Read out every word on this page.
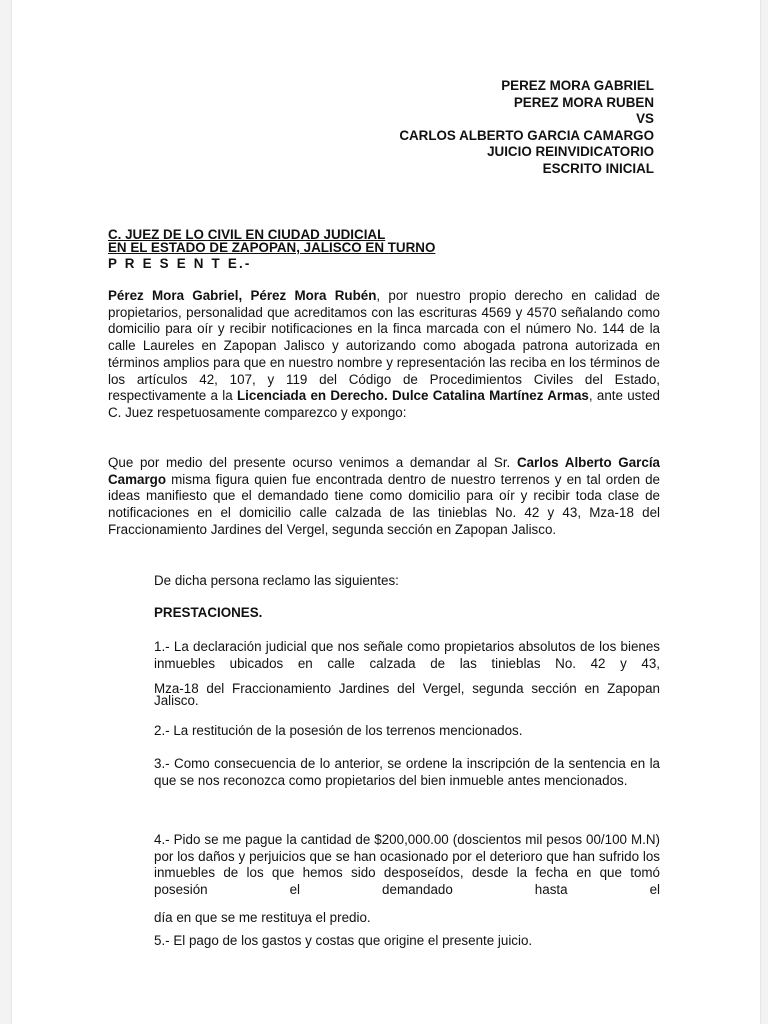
PEREZ MORA GABRIEL
PEREZ MORA RUBEN
VS
CARLOS ALBERTO GARCIA CAMARGO
JUICIO REINVIDICATORIO
ESCRITO INICIAL
C. JUEZ DE LO CIVIL EN CIUDAD JUDICIAL
EN EL ESTADO DE ZAPOPAN, JALISCO EN TURNO
P R E S E N T E.-
Pérez Mora Gabriel, Pérez Mora Rubén, por nuestro propio derecho en calidad de propietarios, personalidad que acreditamos con las escrituras 4569 y 4570 señalando como domicilio para oír y recibir notificaciones en la finca marcada con el número No. 144 de la calle Laureles en Zapopan Jalisco y autorizando como abogada patrona autorizada en términos amplios para que en nuestro nombre y representación las reciba en los términos de los artículos 42, 107, y 119 del Código de Procedimientos Civiles del Estado, respectivamente a la Licenciada en Derecho. Dulce Catalina Martínez Armas, ante usted C. Juez respetuosamente comparezco y expongo:
Que por medio del presente ocurso venimos a demandar al Sr. Carlos Alberto García Camargo misma figura quien fue encontrada dentro de nuestro terrenos y en tal orden de ideas manifiesto que el demandado tiene como domicilio para oír y recibir toda clase de notificaciones en el domicilio calle calzada de las tinieblas No. 42 y 43, Mza-18 del Fraccionamiento Jardines del Vergel, segunda sección en Zapopan Jalisco.
De dicha persona reclamo las siguientes:
PRESTACIONES.
1.- La declaración judicial que nos señale como propietarios absolutos de los bienes inmuebles ubicados en calle calzada de las tinieblas No. 42 y 43,
Mza-18 del Fraccionamiento Jardines del Vergel, segunda sección en Zapopan Jalisco.
2.- La restitución de la posesión de los terrenos mencionados.
3.- Como consecuencia de lo anterior, se ordene la inscripción de la sentencia en la que se nos reconozca como propietarios del bien inmueble antes mencionados.
4.- Pido se me pague la cantidad de $200,000.00 (doscientos mil pesos 00/100 M.N) por los daños y perjuicios que se han ocasionado por el deterioro que han sufrido los inmuebles de los que hemos sido desposeídos, desde la fecha en que tomó posesión el demandado hasta el
día en que se me restituya el predio.
5.- El pago de los gastos y costas que origine el presente juicio.
